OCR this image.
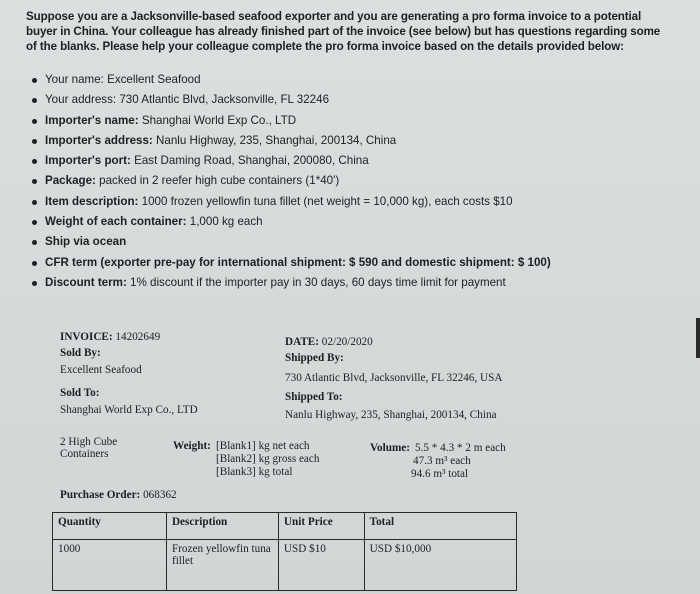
Suppose you are a Jacksonville-based seafood exporter and you are generating a pro forma invoice to a potential buyer in China. Your colleague has already finished part of the invoice (see below) but has questions regarding some of the blanks. Please help your colleague complete the pro forma invoice based on the details provided below:
Your name: Excellent Seafood
Your address: 730 Atlantic Blvd, Jacksonville, FL 32246
Importer's name: Shanghai World Exp Co., LTD
Importer's address: Nanlu Highway, 235, Shanghai, 200134, China
Importer's port: East Daming Road, Shanghai, 200080, China
Package: packed in 2 reefer high cube containers (1*40')
Item description: 1000 frozen yellowfin tuna fillet (net weight = 10,000 kg), each costs $10
Weight of each container: 1,000 kg each
Ship via ocean
CFR term (exporter pre-pay for international shipment: $ 590 and domestic shipment: $ 100)
Discount term: 1% discount if the importer pay in 30 days, 60 days time limit for payment
INVOICE: 14202649	DATE: 02/20/2020
Sold By:
Excellent Seafood
Shipped By:
730 Atlantic Blvd, Jacksonville, FL 32246, USA
Sold To:
Shanghai World Exp Co., LTD
Shipped To:
Nanlu Highway, 235, Shanghai, 200134, China
2 High Cube
Containers
Weight: [Blank1] kg net each
[Blank2] kg gross each
[Blank3] kg total
Volume: 5.5 * 4.3 * 2 m each
47.3 m³ each
94.6 m³ total
Purchase Order: 068362
Quantity	Description	Unit Price	Total
1000	Frozen yellowfin tuna fillet	USD $10	USD $10,000
